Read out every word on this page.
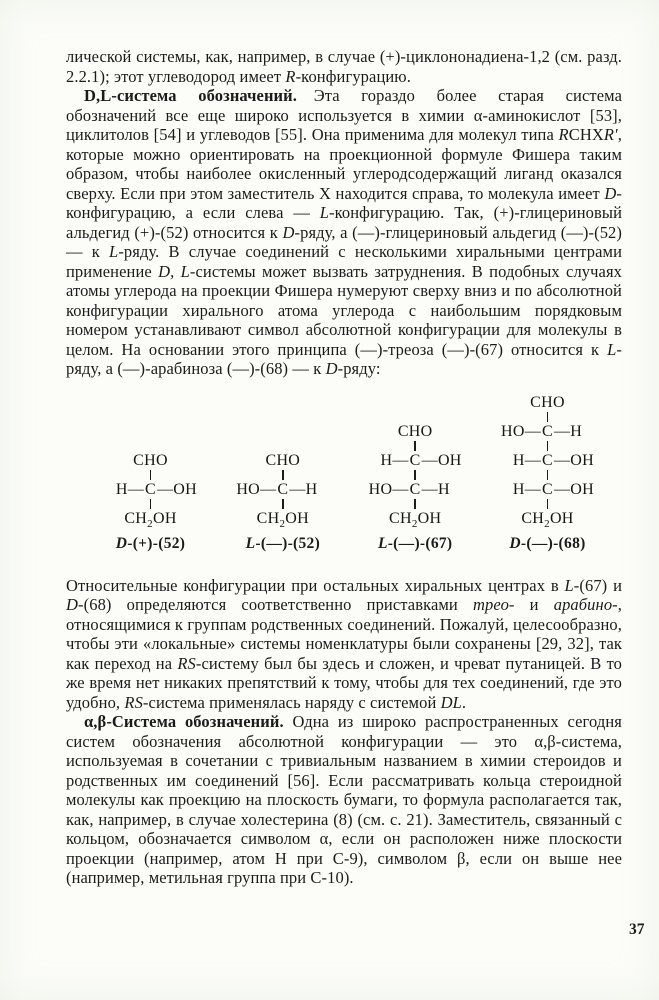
лической системы, как, например, в случае (+)-циклононадиена-1,2 (см. разд. 2.2.1); этот углеводород имеет R-конфигурацию.

D,L-система обозначений.  Эта гораздо более старая система обозначений все еще широко используется в химии α-аминокислот [53], циклитолов [54] и углеводов [55]. Она применима для молекул типа RCHXR′, которые можно ориентировать на проекционной формуле Фишера таким образом, чтобы наиболее окисленный углеродсодержащий лиганд оказался сверху. Если при этом заместитель X находится справа, то молекула имеет D-конфигурацию, а если слева — L-конфигурацию. Так, (+)-глицериновый альдегид (+)-(52) относится к D-ряду, а (—)-глицериновый альдегид (—)-(52) — к L-ряду. В случае соединений с несколькими хиральными центрами применение D, L-системы может вызвать затруднения. В подобных случаях атомы углерода на проекции Фишера нумеруют сверху вниз и по абсолютной конфигурации хирального атома углерода с наибольшим порядковым номером устанавливают символ абсолютной конфигурации для молекулы в целом. На основании этого принципа (—)-треоза (—)-(67) относится к L-ряду, а (—)-арабиноза (—)-(68) — к D-ряду:

CHO
H— C —OH
$CH_2OH$
D-(+)-(52)
CHO
HO— C —H
$CH_2OH$
L-(—)-(52)
CHO
H— C —OH
HO— C —H
$CH_2OH$
L-(—)-(67)
CHO
HO— C —H
H— C —OH
H— C —OH
$CH_2OH$
D-(—)-(68)

Относительные конфигурации при остальных хиральных центрах в L-(67) и D-(68) определяются соответственно приставками трео- и арабино-, относящимися к группам родственных соединений. Пожалуй, целесообразно, чтобы эти «локальные» системы номенклатуры были сохранены [29, 32], так как переход на RS-систему был бы здесь и сложен, и чреват путаницей. В то же время нет никаких препятствий к тому, чтобы для тех соединений, где это удобно, RS-система применялась наряду с системой DL.

α,β-Система обозначений. Одна из широко распространенных сегодня систем обозначения абсолютной конфигурации — это α,β-система, используемая в сочетании с тривиальным названием в химии стероидов и родственных им соединений [56]. Если рассматривать кольца стероидной молекулы как проекцию на плоскость бумаги, то формула располагается так, как, например, в случае холестерина (8) (см. с. 21). Заместитель, связанный с кольцом, обозначается символом α, если он расположен ниже плоскости проекции (например, атом H при C-9), символом β, если он выше нее (например, метильная группа при C-10).

37
